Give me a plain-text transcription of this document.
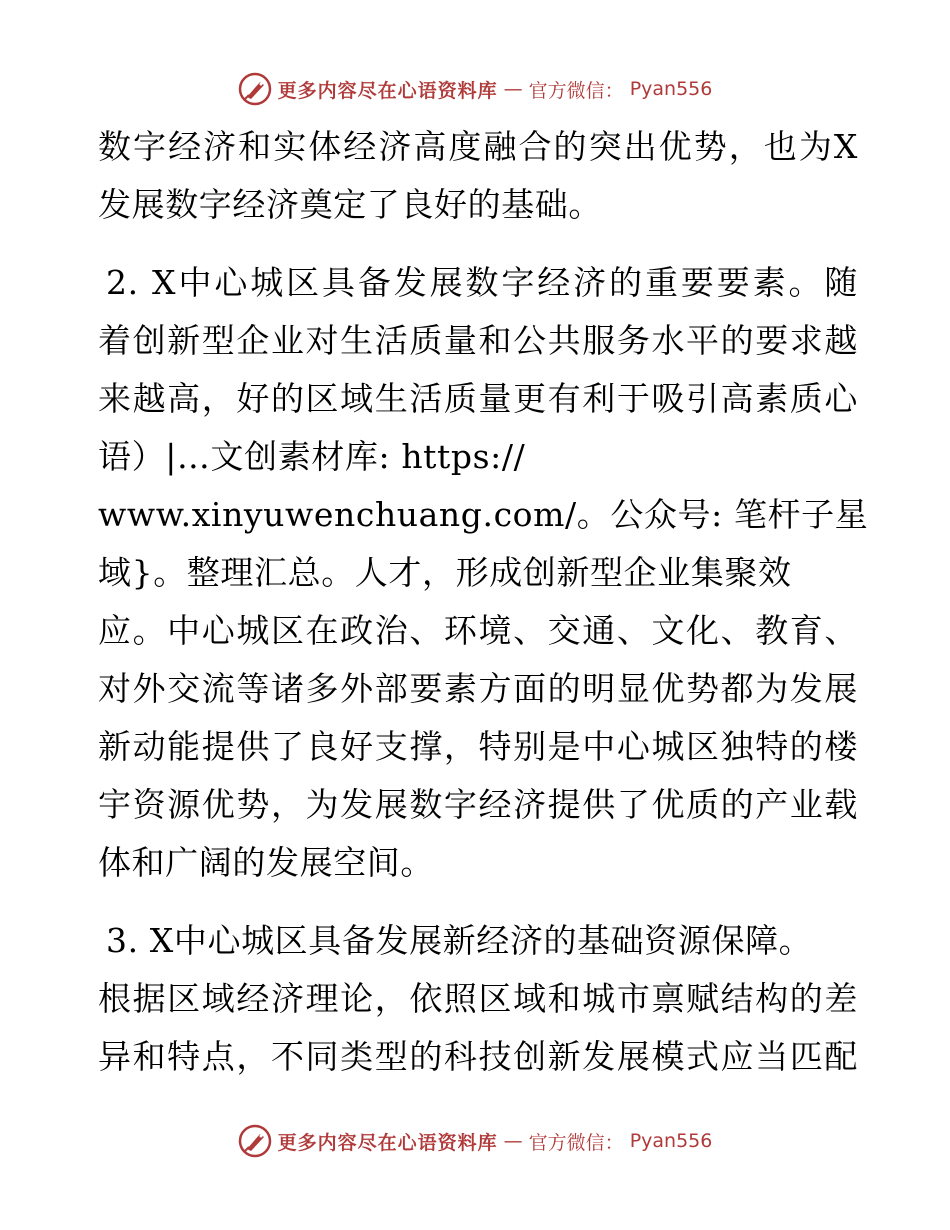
更多内容尽在心语资料库 — 官方微信： Pyan556
数字经济和实体经济高度融合的突出优势，也为X
发展数字经济奠定了良好的基础。
2. X中心城区具备发展数字经济的重要要素。随
着创新型企业对生活质量和公共服务水平的要求越
来越高，好的区域生活质量更有利于吸引高素质心
语）|…文创素材库: https://
www.xinyuwenchuang.com/。公众号: 笔杆子星
域}。整理汇总。人才，形成创新型企业集聚效
应。中心城区在政治、环境、交通、文化、教育、
对外交流等诸多外部要素方面的明显优势都为发展
新动能提供了良好支撑，特别是中心城区独特的楼
宇资源优势，为发展数字经济提供了优质的产业载
体和广阔的发展空间。
3. X中心城区具备发展新经济的基础资源保障。
根据区域经济理论，依照区域和城市禀赋结构的差
异和特点，不同类型的科技创新发展模式应当匹配
更多内容尽在心语资料库 — 官方微信： Pyan556
